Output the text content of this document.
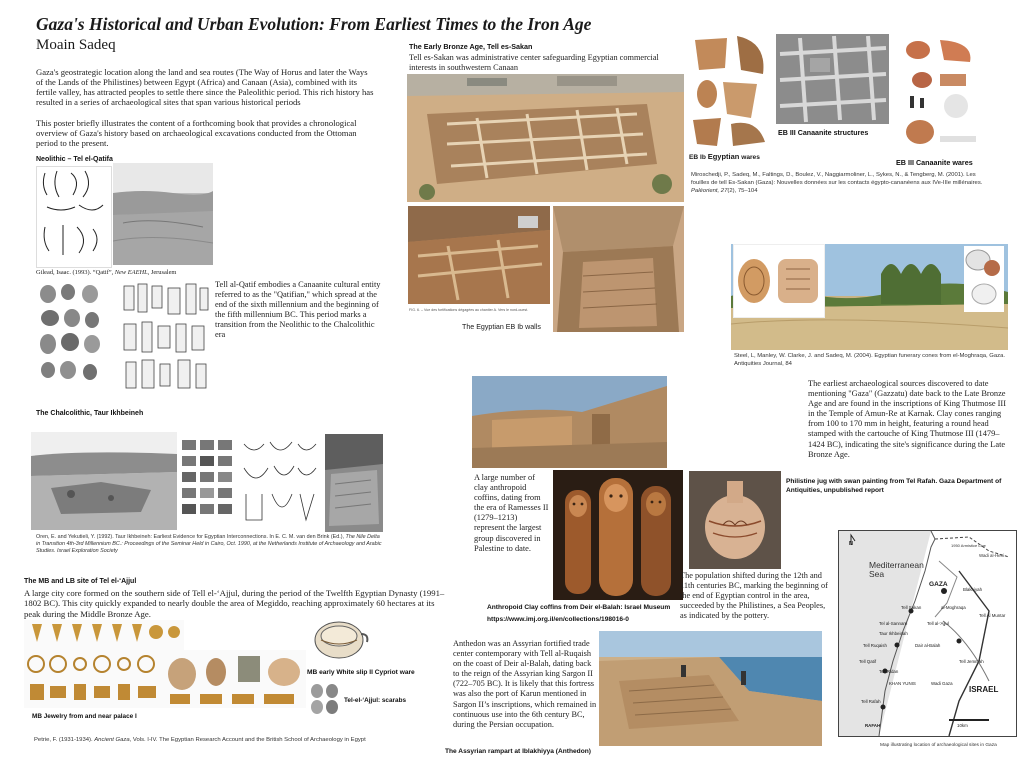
Gaza's Historical and Urban Evolution: From Earliest Times to the Iron Age
Moain Sadeq
Gaza's geostrategic location along the land and sea routes (The Way of Horus and later the Ways of the Lands of the Philistines) between Egypt (Africa) and Canaan (Asia), combined with its fertile valley, has attracted peoples to settle there since the Paleolithic period. This rich history has resulted in a series of archaeological sites that span various historical periods
This poster briefly illustrates the content of a forthcoming book that provides a chronological overview of Gaza's history based on archaeological excavations conducted from the Ottoman period to the present.
Neolithic – Tel el-Qatifa
Gilead, Isaac. (1993). “Qatif”, New EAEHL, Jerusalem
Tell al-Qatif embodies a Canaanite cultural entity referred to as the "Qatifian," which spread at the end of the sixth millennium and the beginning of the fifth millennium BC. This period marks a transition from the Neolithic to the Chalcolithic era
The Chalcolithic, Taur Ikhbeineh
Oren, E. and Yekutieli, Y. (1992). Taur Ikhbeineh: Earliest Evidence for Egyptian Interconnections. In E. C. M. van den Brink (Ed.), The Nile Delta in Transition 4th-3rd Millennium BC.: Proceedings of the Seminar Held in Cairo, Oct. 1990, at the Netherlands Institute of Archaeology and Arabic Studies. Israel Exploration Society
The MB and LB site of Tel el-‘Ajjul
A large city core formed on the southern side of Tell el-‘Ajjul, during the period of the Twelfth Egyptian Dynasty (1991–1802 BC). This city quickly expanded to nearly double the area of Megiddo, reaching approximately 60 hectares at its peak during the Middle Bronze Age.
MB early White slip II Cypriot ware
Tel-el-‘Ajjul: scarabs
MB Jewelry from and near palace I
Petrie, F. (1931-1934). Ancient Gaza, Vols. I-IV. The Egyptian Research Account and the British School of Archaeology in Egypt
The Early Bronze Age, Tell es-Sakan
Tell es-Sakan was administrative center safeguarding Egyptian commercial interests in southwestern Canaan
FIG. 6. – Vue des fortifications dégagées au chantier A. Vers le nord-ouest.
The Egyptian EB Ib walls
EB Ib Egyptian wares
EB III Canaanite structures
EB III Canaanite wares
Miroschedji, P., Sadeq, M., Faltings, D., Boulez, V., Naggiarmoliner, L., Sykes, N., & Tengberg, M. (2001). Les fouilles de tell Es-Sakan (Gaza): Nouvelles données sur les contacts égypto-cananéens aux IVe-IIIe millénaires. Paléorient, 27(2), 75–104
Steel, L, Manley, W. Clarke, J. and Sadeq, M. (2004). Egyptian funerary cones from el-Moghraqa, Gaza. Antiquities Journal, 84
The earliest archaeological sources discovered to date mentioning "Gaza" (Gazzatu) date back to the Late Bronze Age and are found in the inscriptions of King Thutmose III in the Temple of Amun-Re at Karnak. Clay cones ranging from 100 to 170 mm in height, featuring a round head stamped with the cartouche of King Thutmose III (1479–1424 BC), indicating the site's significance during the Late Bronze Age.
A large number of clay anthropoid coffins, dating from the era of Ramesses II (1279–1213) represent the largest group discovered in Palestine to date.
Anthropoid Clay coffins from Deir el-Balah: Israel Museum
https://www.imj.org.il/en/collections/198016-0
Philistine jug with swan painting from Tel Rafah. Gaza Department of Antiquities, unpublished report
The population shifted during the 12th and 11th centuries BC, marking the beginning of the end of Egyptian control in the area, succeeded by the Philistines, a Sea Peoples, as indicated by the pottery.
Anthedon was an Assyrian fortified trade center contemporary with Tell al-Ruqaish on the coast of Deir al-Balah, dating back to the reign of the Assyrian king Sargon II (722–705 BC). It is likely that this fortress was also the port of Karun mentioned in Sargon II’s inscriptions, which remained in continuous use into the 6th century BC, during the Persian occupation.
The Assyrian rampart at Iblakhiyya (Anthedon)
N
Mediterranean Sea
1950 Armistice Line
Wadi al-Hesi
GAZA
Blakhiyah
Tell Sakan	al-Moghraqa
Tell Al Muntar
Tel al-Sannam	Tell al-'Ajjul
Taur Ikhbeinah
Dair al-Balah
Tell Ruqaish
Tell Qatif
Tell Ridan
Tell Jemmah
KHAN YUNIS	Wadi Gaza
Tell Rafah
RAFAH
ISRAEL
10km
Map illustrating location of archaeological sites in Gaza
